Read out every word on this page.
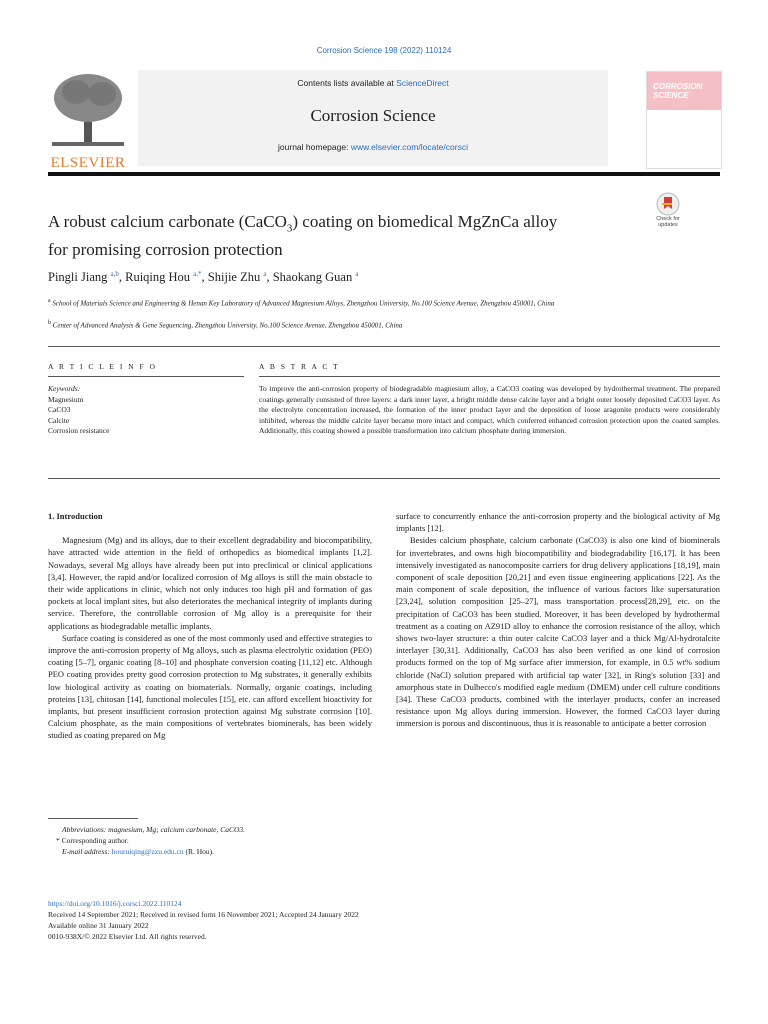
Corrosion Science 198 (2022) 110124
ELSEVIER
Contents lists available at ScienceDirect
Corrosion Science
journal homepage: www.elsevier.com/locate/corsci
CORROSION
SCIENCE
A robust calcium carbonate (CaCO$_3$) coating on biomedical MgZnCa alloy
for promising corrosion protection
Check for
updates
Pingli Jiang $^{a,b}$, Ruiqing Hou $^{a,*}$, Shijie Zhu $^a$, Shaokang Guan $^a$
$^a$ School of Materials Science and Engineering & Henan Key Laboratory of Advanced Magnesium Alloys, Zhengzhou University, No.100 Science Avenue, Zhengzhou 450001, China
$^b$ Center of Advanced Analysis & Gene Sequencing, Zhengzhou University, No.100 Science Avenue, Zhengzhou 450001, China
A R T I C L E I N F O	A B S T R A C T
Keywords:
Magnesium
CaCO3
Calcite
Corrosion resistance
To improve the anti-corrosion property of biodegradable magnesium alloy, a CaCO3 coating was developed by hydrothermal treatment. The prepared coatings generally consisted of three layers: a dark inner layer, a bright middle dense calcite layer and a bright outer loosely deposited CaCO3 layer. As the electrolyte concentration increased, the formation of the inner product layer and the deposition of loose aragonite products were considerably inhibited, whereas the middle calcite layer became more intact and compact, which conferred enhanced corrosion protection upon the coated samples. Additionally, this coating showed a possible transformation into calcium phosphate during immersion.
1. Introduction

Magnesium (Mg) and its alloys, due to their excellent degradability and biocompatibility, have attracted wide attention in the field of orthopedics as biomedical implants [1,2]. Nowadays, several Mg alloys have already been put into preclinical or clinical applications [3,4]. However, the rapid and/or localized corrosion of Mg alloys is still the main obstacle to their wide applications in clinic, which not only induces too high pH and formation of gas pockets at local implant sites, but also deteriorates the mechanical integrity of implants during service. Therefore, the controllable corrosion of Mg alloy is a prerequisite for their applications as biodegradable metallic implants.

Surface coating is considered as one of the most commonly used and effective strategies to improve the anti-corrosion property of Mg alloys, such as plasma electrolytic oxidation (PEO) coating [5–7], organic coating [8–10] and phosphate conversion coating [11,12] etc. Although PEO coating provides pretty good corrosion protection to Mg substrates, it generally exhibits low biological activity as coating on biomaterials. Normally, organic coatings, including proteins [13], chitosan [14], functional molecules [15], etc. can afford excellent bioactivity for implants, but present insufficient corrosion protection against Mg substrate corrosion [10]. Calcium phosphate, as the main compositions of vertebrates biominerals, has been widely studied as coating prepared on Mg

surface to concurrently enhance the anti-corrosion property and the biological activity of Mg implants [12].

Besides calcium phosphate, calcium carbonate (CaCO3) is also one kind of biominerals for invertebrates, and owns high biocompatibility and biodegradability [16,17]. It has been intensively investigated as nanocomposite carriers for drug delivery applications [18,19], main component of scale deposition [20,21] and even tissue engineering applications [22]. As the main component of scale deposition, the influence of various factors like supersaturation [23,24], solution composition [25–27], mass transportation process[28,29], etc. on the precipitation of CaCO3 has been studied. Moreover, it has been developed by hydrothermal treatment as a coating on AZ91D alloy to enhance the corrosion resistance of the alloy, which shows two-layer structure: a thin outer calcite CaCO3 layer and a thick Mg/Al-hydrotalcite interlayer [30,31]. Additionally, CaCO3 has also been verified as one kind of corrosion products formed on the top of Mg surface after immersion, for example, in 0.5 wt% sodium chloride (NaCl) solution prepared with artificial tap water [32], in Ring's solution [33] and amorphous state in Dulbecco's modified eagle medium (DMEM) under cell culture conditions [34]. These CaCO3 products, combined with the interlayer products, confer an increased resistance upon Mg alloys during immersion. However, the formed CaCO3 layer during immersion is porous and discontinuous, thus it is reasonable to anticipate a better corrosion

Abbreviations: magnesium, Mg; calcium carbonate, CaCO3.
* Corresponding author.
E-mail address: houruiqing@zzu.edu.cn (R. Hou).
https://doi.org/10.1016/j.corsci.2022.110124
Received 14 September 2021; Received in revised form 16 November 2021; Accepted 24 January 2022
Available online 31 January 2022
0010-938X/© 2022 Elsevier Ltd. All rights reserved.
